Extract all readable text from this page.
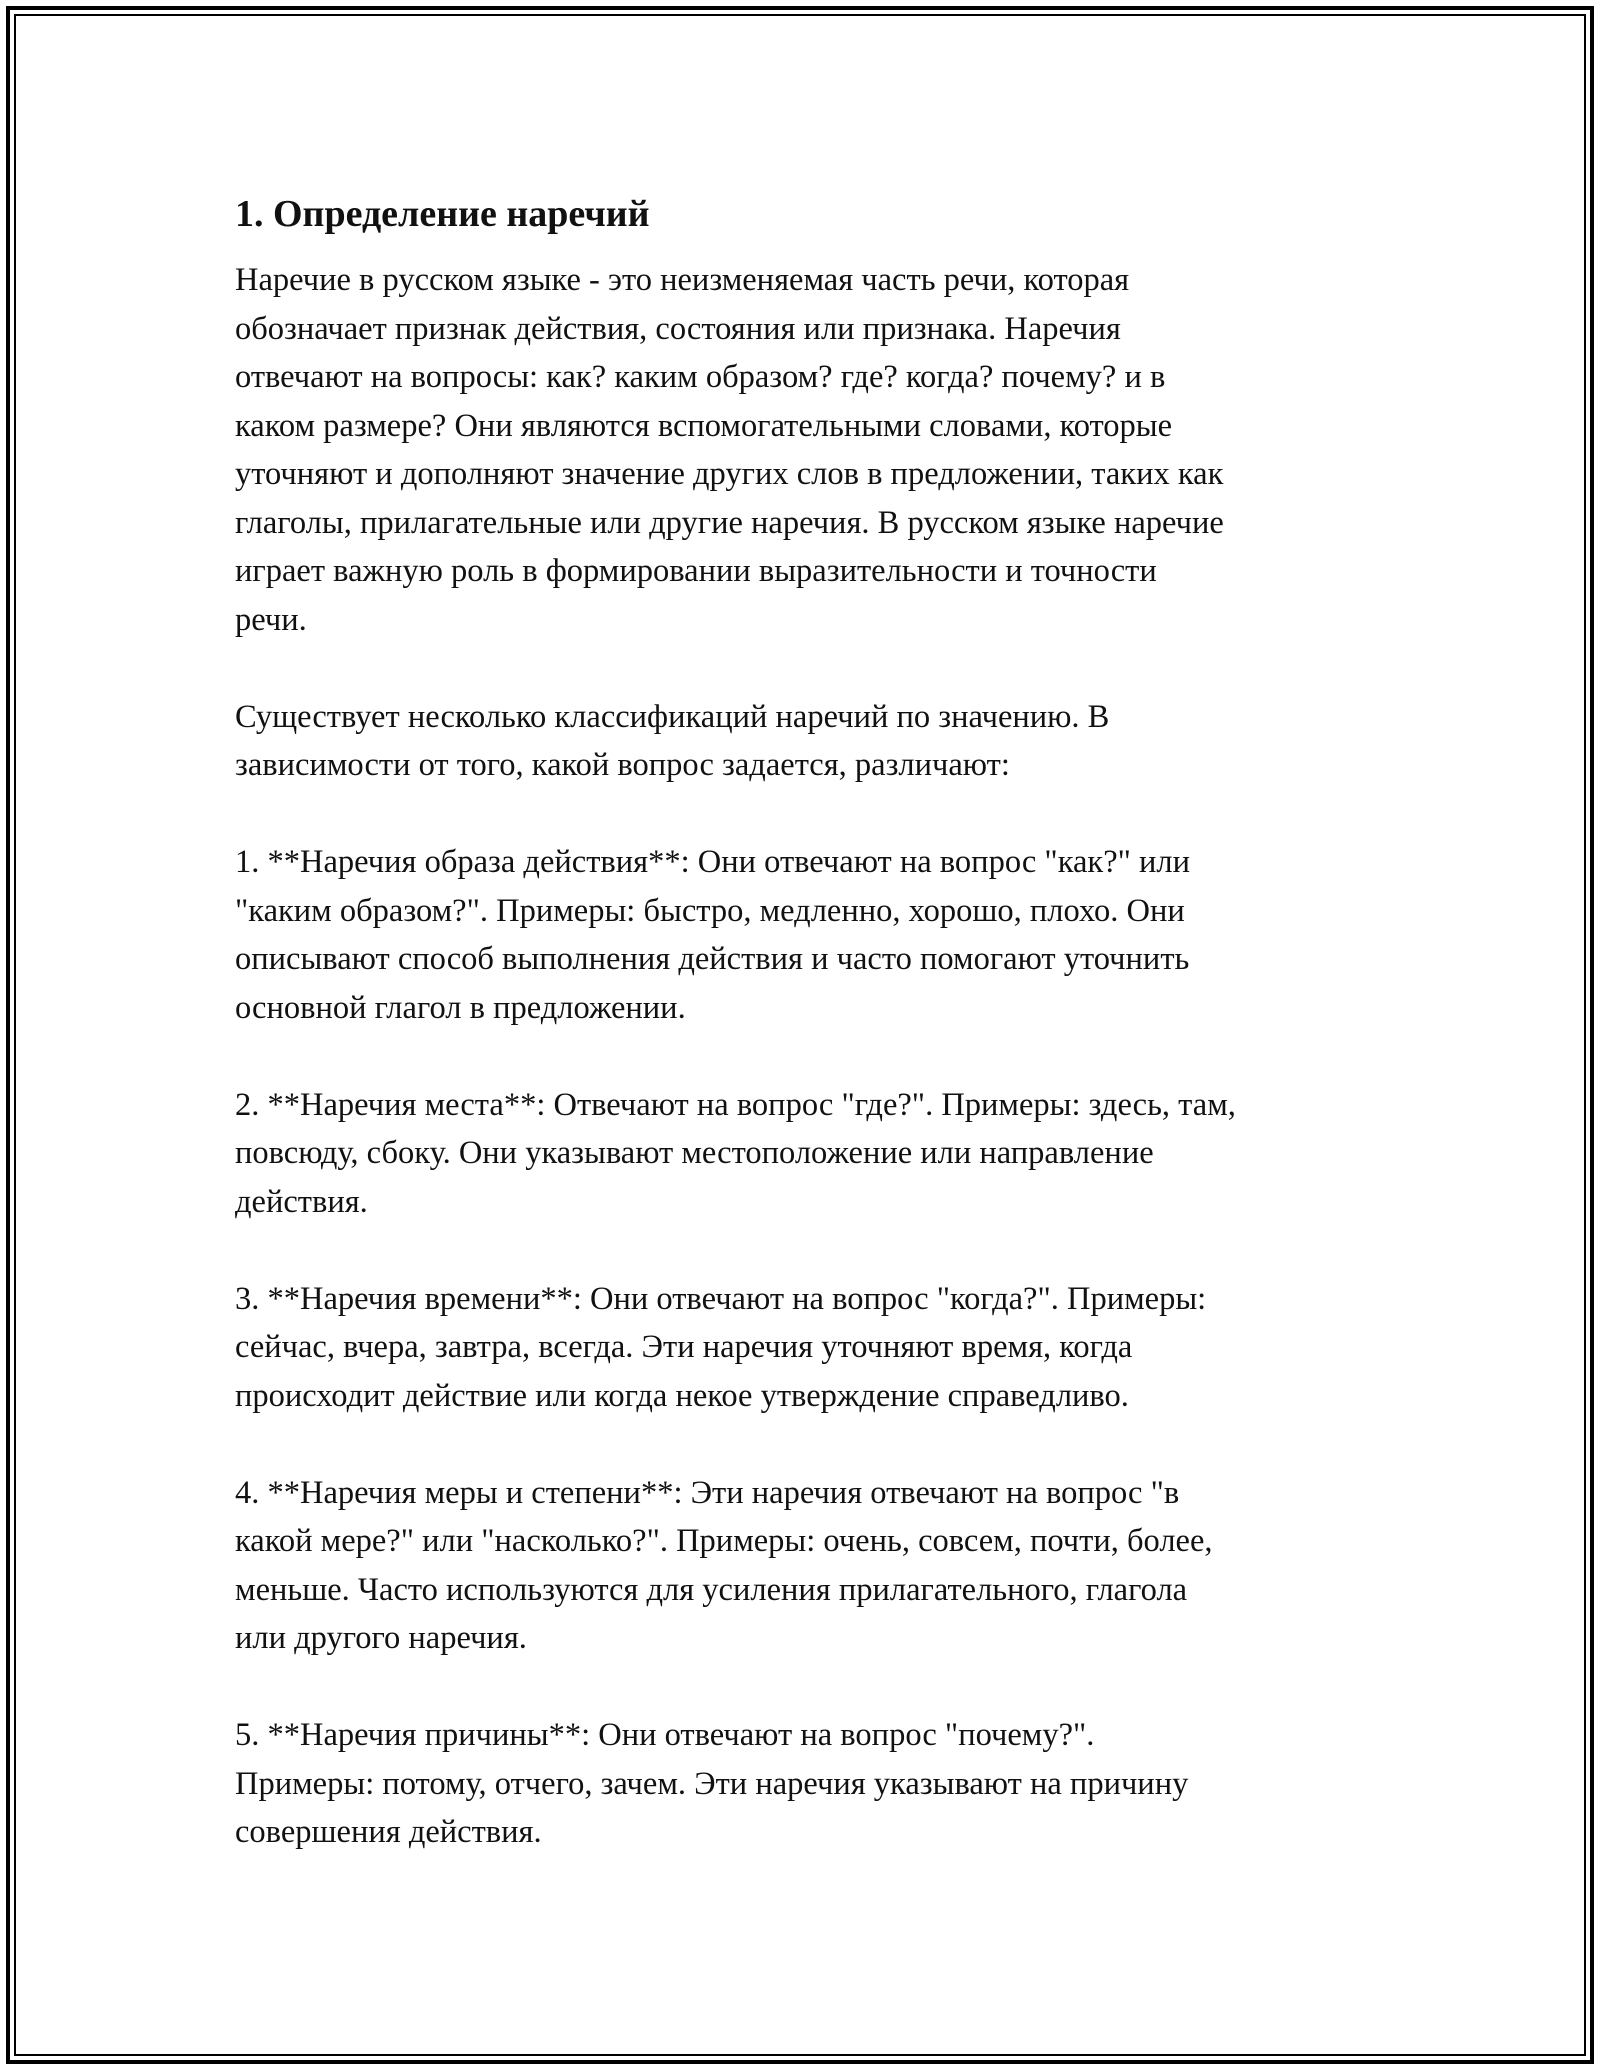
1. Определение наречий

Наречие в русском языке - это неизменяемая часть речи, которая
обозначает признак действия, состояния или признака. Наречия
отвечают на вопросы: как? каким образом? где? когда? почему? и в
каком размере? Они являются вспомогательными словами, которые
уточняют и дополняют значение других слов в предложении, таких как
глаголы, прилагательные или другие наречия. В русском языке наречие
играет важную роль в формировании выразительности и точности
речи.

Существует несколько классификаций наречий по значению. В
зависимости от того, какой вопрос задается, различают:

1. **Наречия образа действия**: Они отвечают на вопрос "как?" или
"каким образом?". Примеры: быстро, медленно, хорошо, плохо. Они
описывают способ выполнения действия и часто помогают уточнить
основной глагол в предложении.

2. **Наречия места**: Отвечают на вопрос "где?". Примеры: здесь, там,
повсюду, сбоку. Они указывают местоположение или направление
действия.

3. **Наречия времени**: Они отвечают на вопрос "когда?". Примеры:
сейчас, вчера, завтра, всегда. Эти наречия уточняют время, когда
происходит действие или когда некое утверждение справедливо.

4. **Наречия меры и степени**: Эти наречия отвечают на вопрос "в
какой мере?" или "насколько?". Примеры: очень, совсем, почти, более,
меньше. Часто используются для усиления прилагательного, глагола
или другого наречия.

5. **Наречия причины**: Они отвечают на вопрос "почему?".
Примеры: потому, отчего, зачем. Эти наречия указывают на причину
совершения действия.
